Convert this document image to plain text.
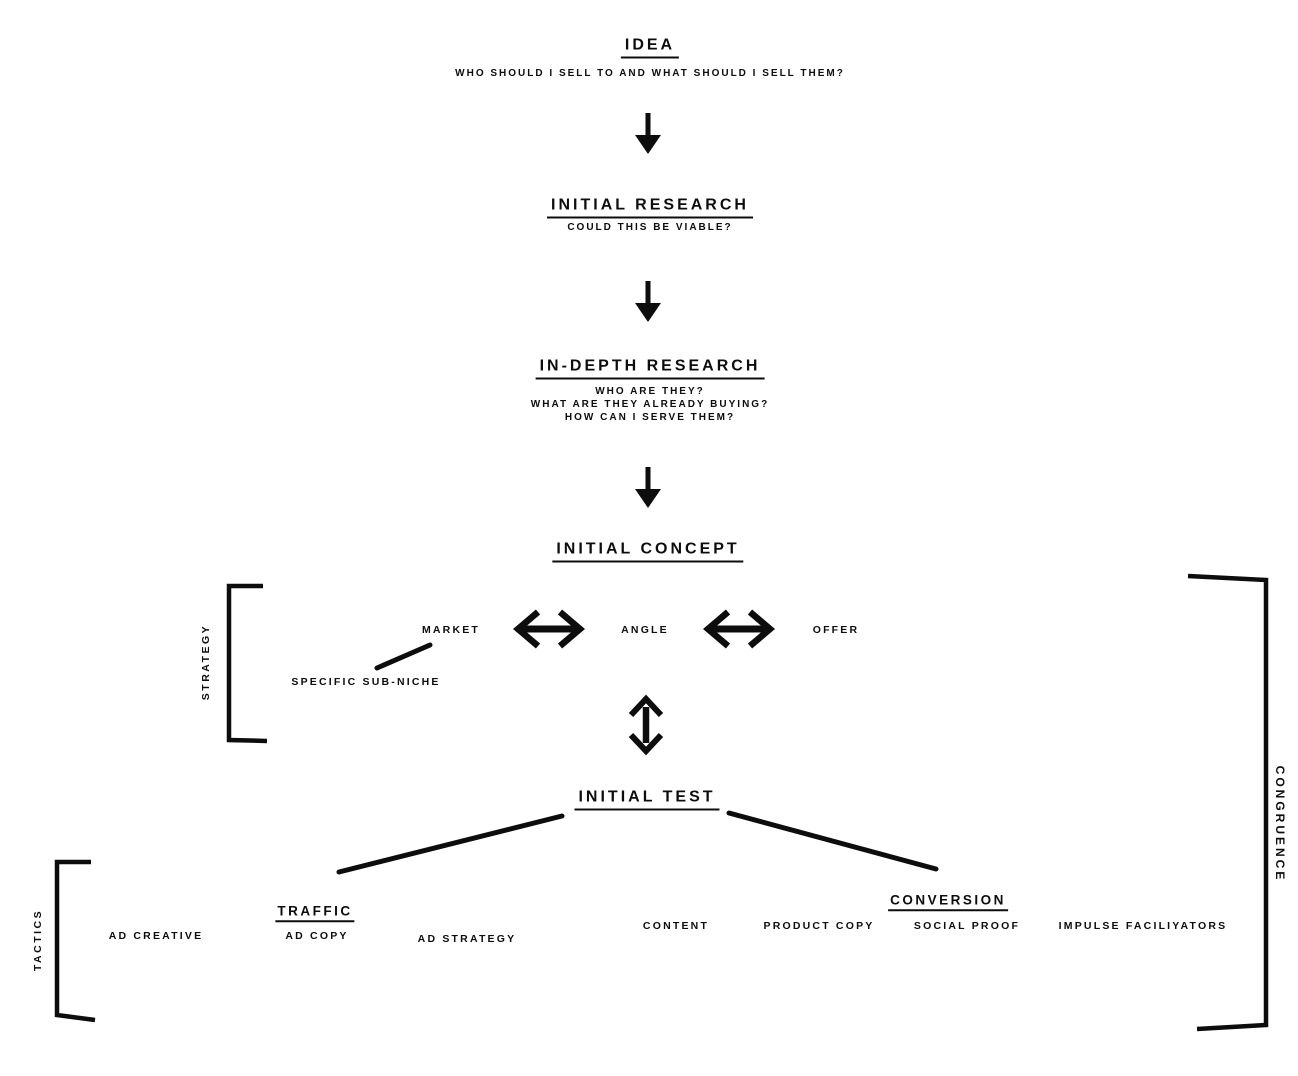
IDEA
WHO SHOULD I SELL TO AND WHAT SHOULD I SELL THEM?
INITIAL RESEARCH
COULD THIS BE VIABLE?
IN-DEPTH RESEARCH
WHO ARE THEY?
WHAT ARE THEY ALREADY BUYING?
HOW CAN I SERVE THEM?
INITIAL CONCEPT
MARKET	ANGLE	OFFER
SPECIFIC SUB-NICHE
INITIAL TEST
TRAFFIC
AD CREATIVE	AD COPY	AD STRATEGY
CONVERSION
CONTENT	PRODUCT COPY	SOCIAL PROOF	IMPULSE FACILIYATORS
STRATEGY
TACTICS
CONGRUENCE
